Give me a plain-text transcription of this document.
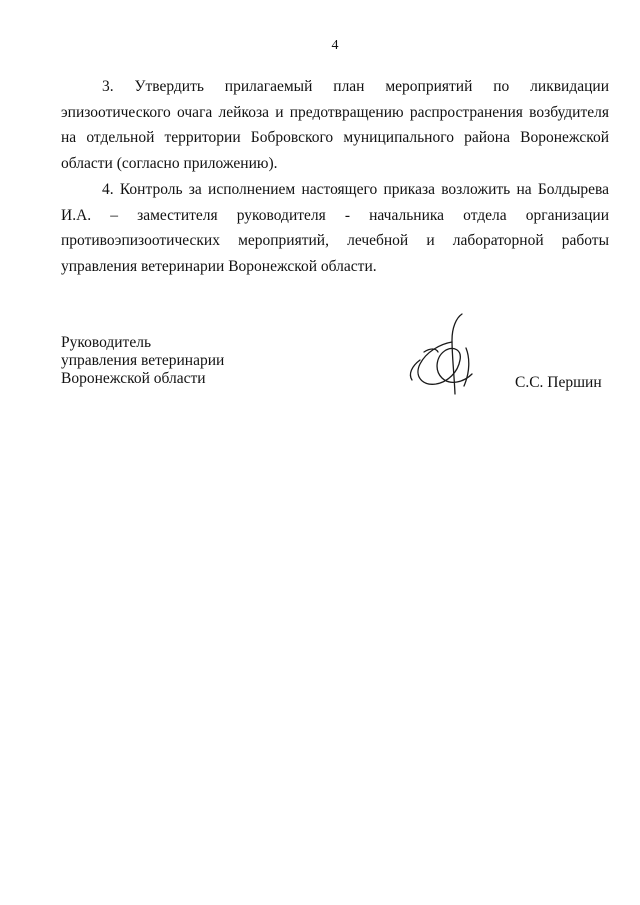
4

3. Утвердить прилагаемый план мероприятий по ликвидации эпизоотического очага лейкоза и предотвращению распространения возбудителя на отдельной территории Бобровского муниципального района Воронежской области (согласно приложению).

4. Контроль за исполнением настоящего приказа возложить на Болдырева И.А. – заместителя руководителя - начальника отдела организации противоэпизоотических мероприятий, лечебной и лабораторной работы управления ветеринарии Воронежской области.

Руководитель
управления ветеринарии
Воронежской области	С.С. Першин
